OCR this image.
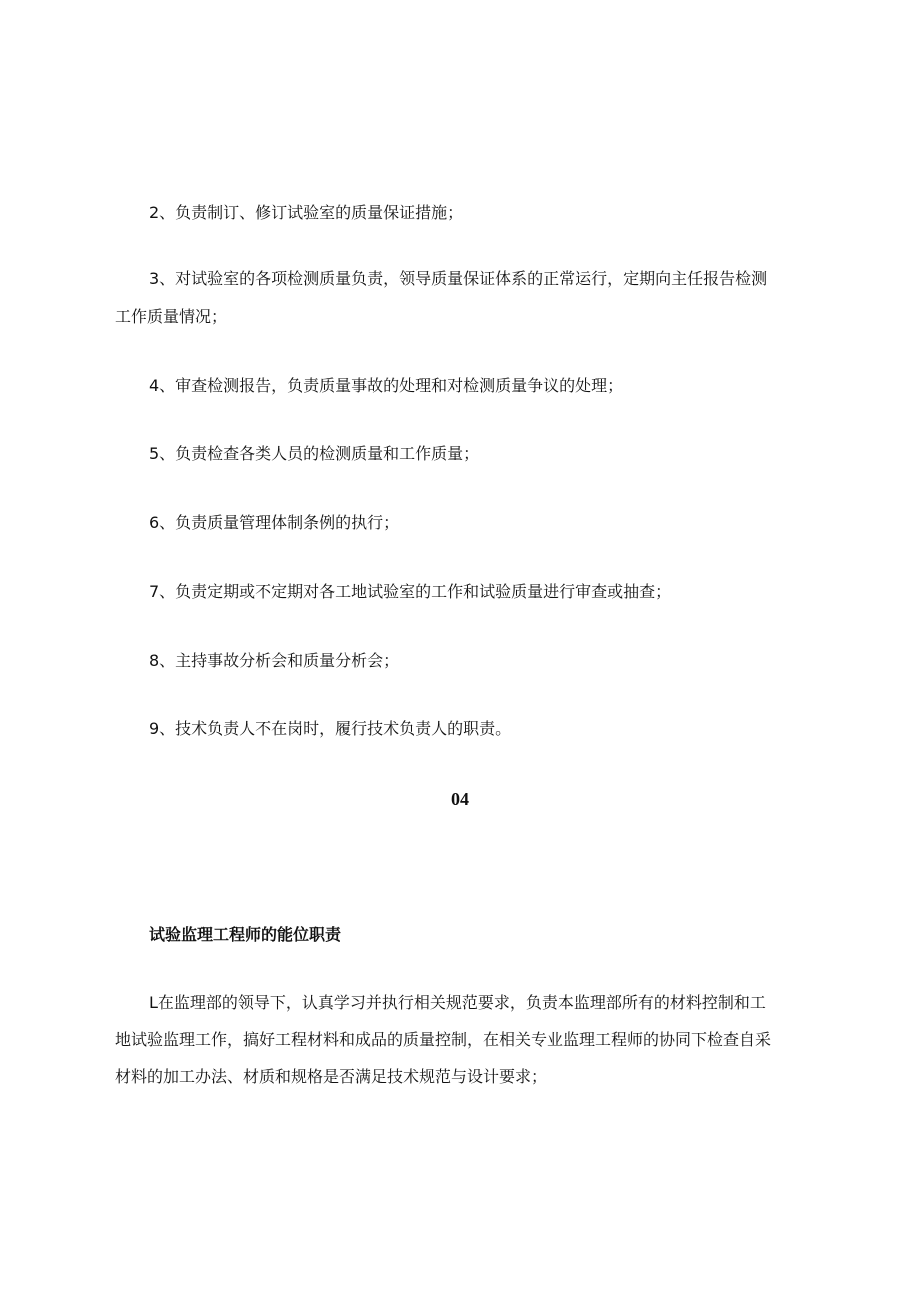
2、负责制订、修订试验室的质量保证措施；
3、对试验室的各项检测质量负责，领导质量保证体系的正常运行，定期向主任报告检测
工作质量情况；
4、审查检测报告，负责质量事故的处理和对检测质量争议的处理；
5、负责检查各类人员的检测质量和工作质量；
6、负责质量管理体制条例的执行；
7、负责定期或不定期对各工地试验室的工作和试验质量进行审查或抽查；
8、主持事故分析会和质量分析会；
9、技术负责人不在岗时，履行技术负责人的职责。
04
试验监理工程师的能位职责
L在监理部的领导下，认真学习并执行相关规范要求，负责本监理部所有的材料控制和工
地试验监理工作，搞好工程材料和成品的质量控制，在相关专业监理工程师的协同下检查自采
材料的加工办法、材质和规格是否满足技术规范与设计要求；
